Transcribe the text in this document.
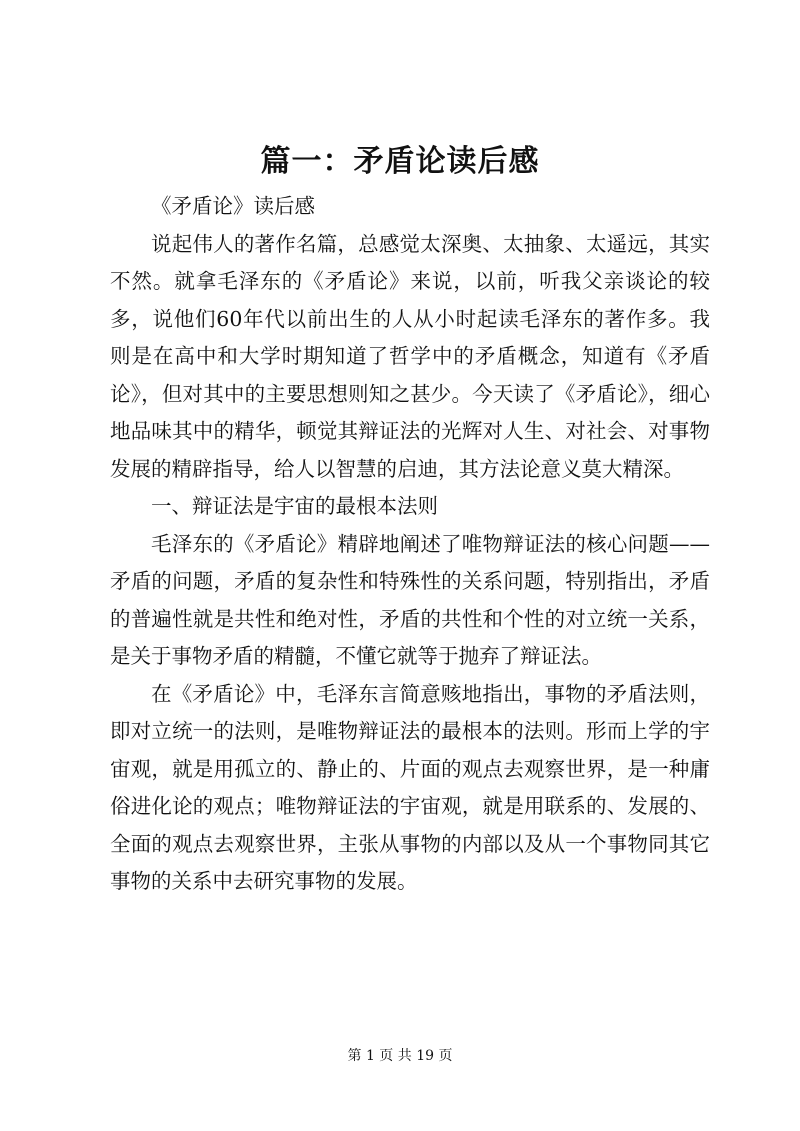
篇一：矛盾论读后感

《矛盾论》读后感

说起伟人的著作名篇，总感觉太深奥、太抽象、太遥远，其实不然。就拿毛泽东的《矛盾论》来说，以前，听我父亲谈论的较多，说他们60年代以前出生的人从小时起读毛泽东的著作多。我则是在高中和大学时期知道了哲学中的矛盾概念，知道有《矛盾论》，但对其中的主要思想则知之甚少。今天读了《矛盾论》，细心地品味其中的精华，顿觉其辩证法的光辉对人生、对社会、对事物发展的精辟指导，给人以智慧的启迪，其方法论意义莫大精深。

一、辩证法是宇宙的最根本法则

毛泽东的《矛盾论》精辟地阐述了唯物辩证法的核心问题——矛盾的问题，矛盾的复杂性和特殊性的关系问题，特别指出，矛盾的普遍性就是共性和绝对性，矛盾的共性和个性的对立统一关系，是关于事物矛盾的精髓，不懂它就等于抛弃了辩证法。

在《矛盾论》中，毛泽东言简意赅地指出，事物的矛盾法则，即对立统一的法则，是唯物辩证法的最根本的法则。形而上学的宇宙观，就是用孤立的、静止的、片面的观点去观察世界，是一种庸俗进化论的观点；唯物辩证法的宇宙观，就是用联系的、发展的、全面的观点去观察世界，主张从事物的内部以及从一个事物同其它事物的关系中去研究事物的发展。

第 1 页 共 19 页
